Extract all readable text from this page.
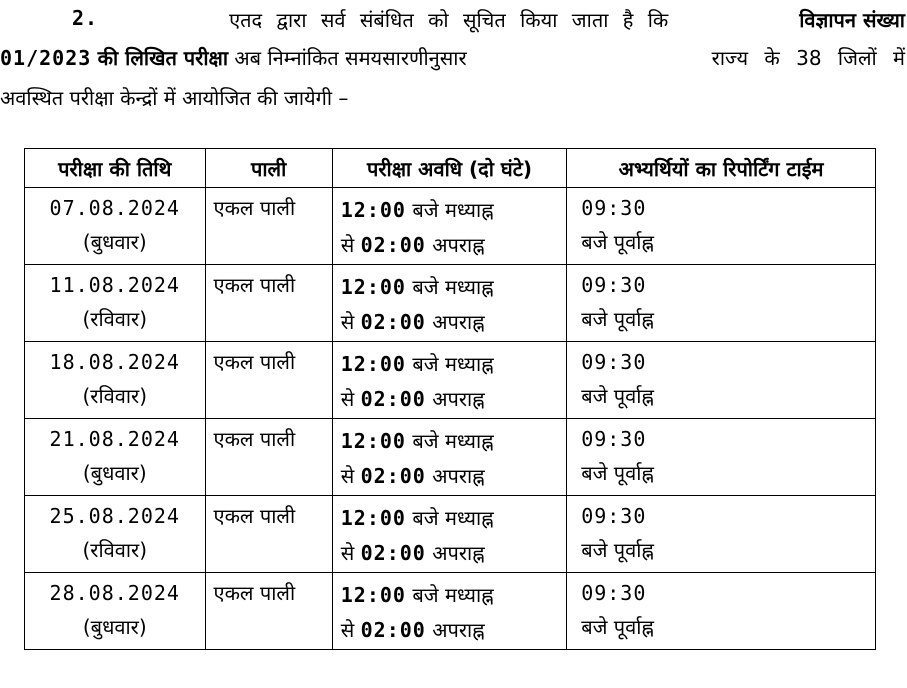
2.	एतद द्वारा सर्व संबंधित को सूचित किया जाता है कि	विज्ञापन संख्या
01/2023 की लिखित परीक्षा अब निम्नांकित समयसारणीनुसार	राज्य के 38 जिलों में
अवस्थित परीक्षा केन्द्रों में आयोजित की जायेगी –
परीक्षा की तिथि	पाली	परीक्षा अवधि (दो घंटे)	अभ्यर्थियों का रिपोर्टिंग टाईम

07.08.2024
(बुधवार)	एकल पाली	12:00 बजे मध्याह्न
से 02:00 अपराह्न	09:30
बजे पूर्वाह्न

11.08.2024
(रविवार)	एकल पाली	12:00 बजे मध्याह्न
से 02:00 अपराह्न	09:30
बजे पूर्वाह्न

18.08.2024
(रविवार)	एकल पाली	12:00 बजे मध्याह्न
से 02:00 अपराह्न	09:30
बजे पूर्वाह्न

21.08.2024
(बुधवार)	एकल पाली	12:00 बजे मध्याह्न
से 02:00 अपराह्न	09:30
बजे पूर्वाह्न

25.08.2024
(रविवार)	एकल पाली	12:00 बजे मध्याह्न
से 02:00 अपराह्न	09:30
बजे पूर्वाह्न

28.08.2024
(बुधवार)	एकल पाली	12:00 बजे मध्याह्न
से 02:00 अपराह्न	09:30
बजे पूर्वाह्न
